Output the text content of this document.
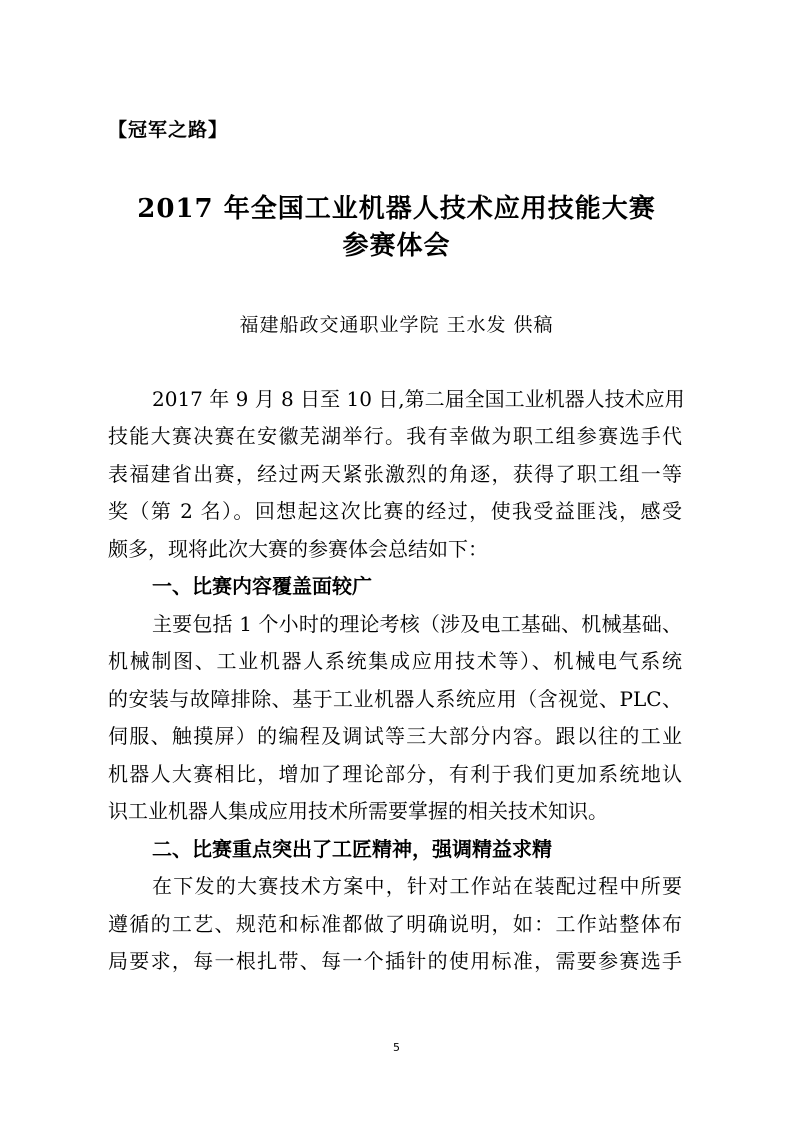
【冠军之路】
2017 年全国工业机器人技术应用技能大赛
参赛体会
福建船政交通职业学院 王水发 供稿
2017 年 9 月 8 日至 10 日,第二届全国工业机器人技术应用
技能大赛决赛在安徽芜湖举行。我有幸做为职工组参赛选手代
表福建省出赛，经过两天紧张激烈的角逐，获得了职工组一等
奖（第 2 名）。回想起这次比赛的经过，使我受益匪浅，感受
颇多，现将此次大赛的参赛体会总结如下：
一、比赛内容覆盖面较广
主要包括 1 个小时的理论考核（涉及电工基础、机械基础、
机械制图、工业机器人系统集成应用技术等）、机械电气系统
的安装与故障排除、基于工业机器人系统应用（含视觉、PLC、
伺服、触摸屏）的编程及调试等三大部分内容。跟以往的工业
机器人大赛相比，增加了理论部分，有利于我们更加系统地认
识工业机器人集成应用技术所需要掌握的相关技术知识。
二、比赛重点突出了工匠精神，强调精益求精
在下发的大赛技术方案中，针对工作站在装配过程中所要
遵循的工艺、规范和标准都做了明确说明，如：工作站整体布
局要求，每一根扎带、每一个插针的使用标准，需要参赛选手
5
